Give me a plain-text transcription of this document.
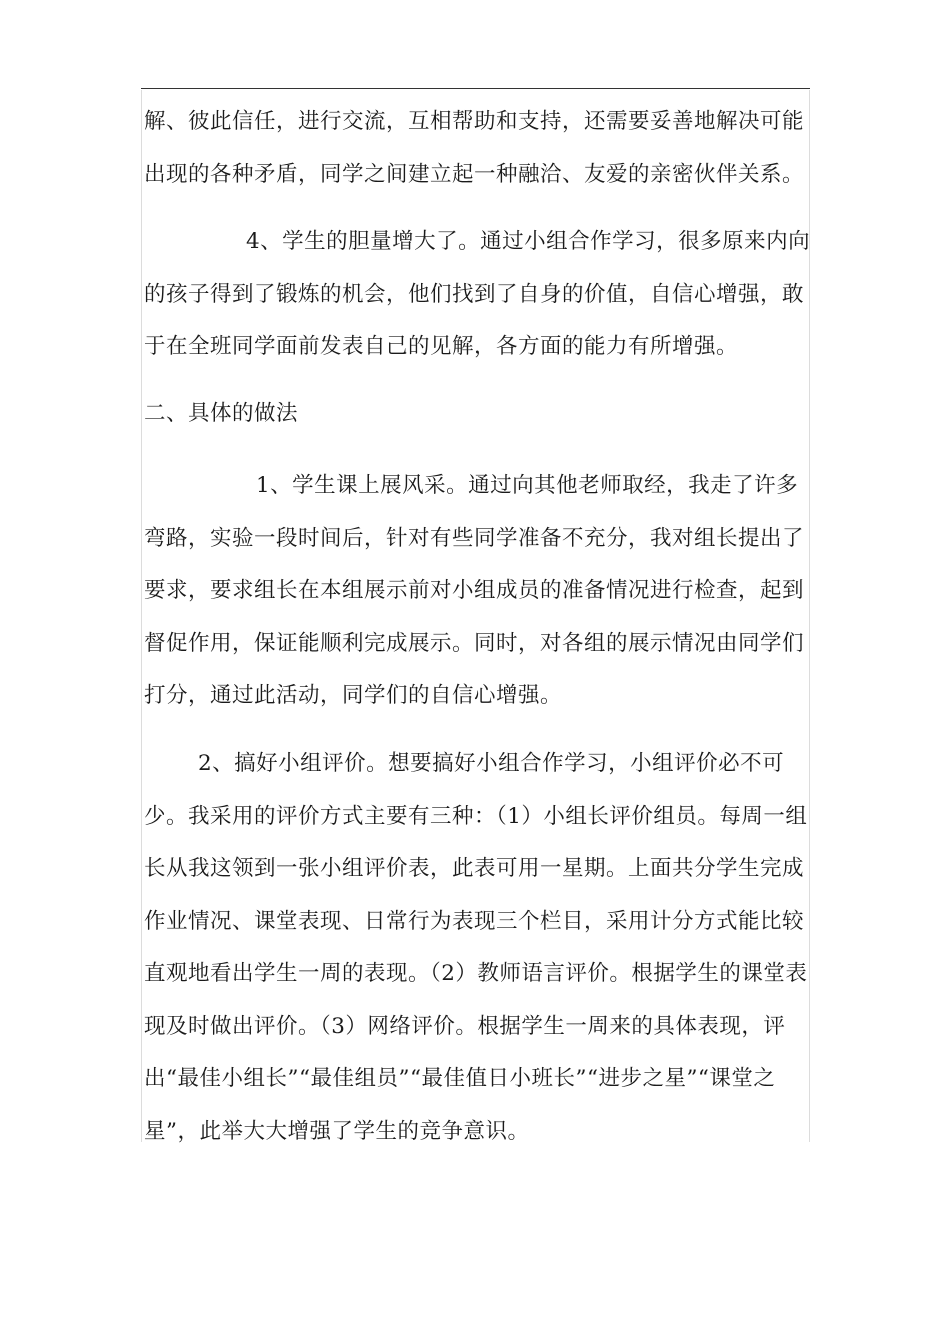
解、彼此信任，进行交流，互相帮助和支持，还需要妥善地解决可能出现的各种矛盾，同学之间建立起一种融洽、友爱的亲密伙伴关系。

4、学生的胆量增大了。通过小组合作学习，很多原来内向的孩子得到了锻炼的机会，他们找到了自身的价值，自信心增强，敢于在全班同学面前发表自己的见解，各方面的能力有所增强。

二、具体的做法

1、学生课上展风采。通过向其他老师取经，我走了许多弯路，实验一段时间后，针对有些同学准备不充分，我对组长提出了要求，要求组长在本组展示前对小组成员的准备情况进行检查，起到督促作用，保证能顺利完成展示。同时，对各组的展示情况由同学们打分，通过此活动，同学们的自信心增强。

2、搞好小组评价。想要搞好小组合作学习，小组评价必不可少。我采用的评价方式主要有三种：（1）小组长评价组员。每周一组长从我这领到一张小组评价表，此表可用一星期。上面共分学生完成作业情况、课堂表现、日常行为表现三个栏目，采用计分方式能比较直观地看出学生一周的表现。（2）教师语言评价。根据学生的课堂表现及时做出评价。（3）网络评价。根据学生一周来的具体表现，评出“最佳小组长”“最佳组员”“最佳值日小班长”“进步之星”“课堂之星”，此举大大增强了学生的竞争意识。
